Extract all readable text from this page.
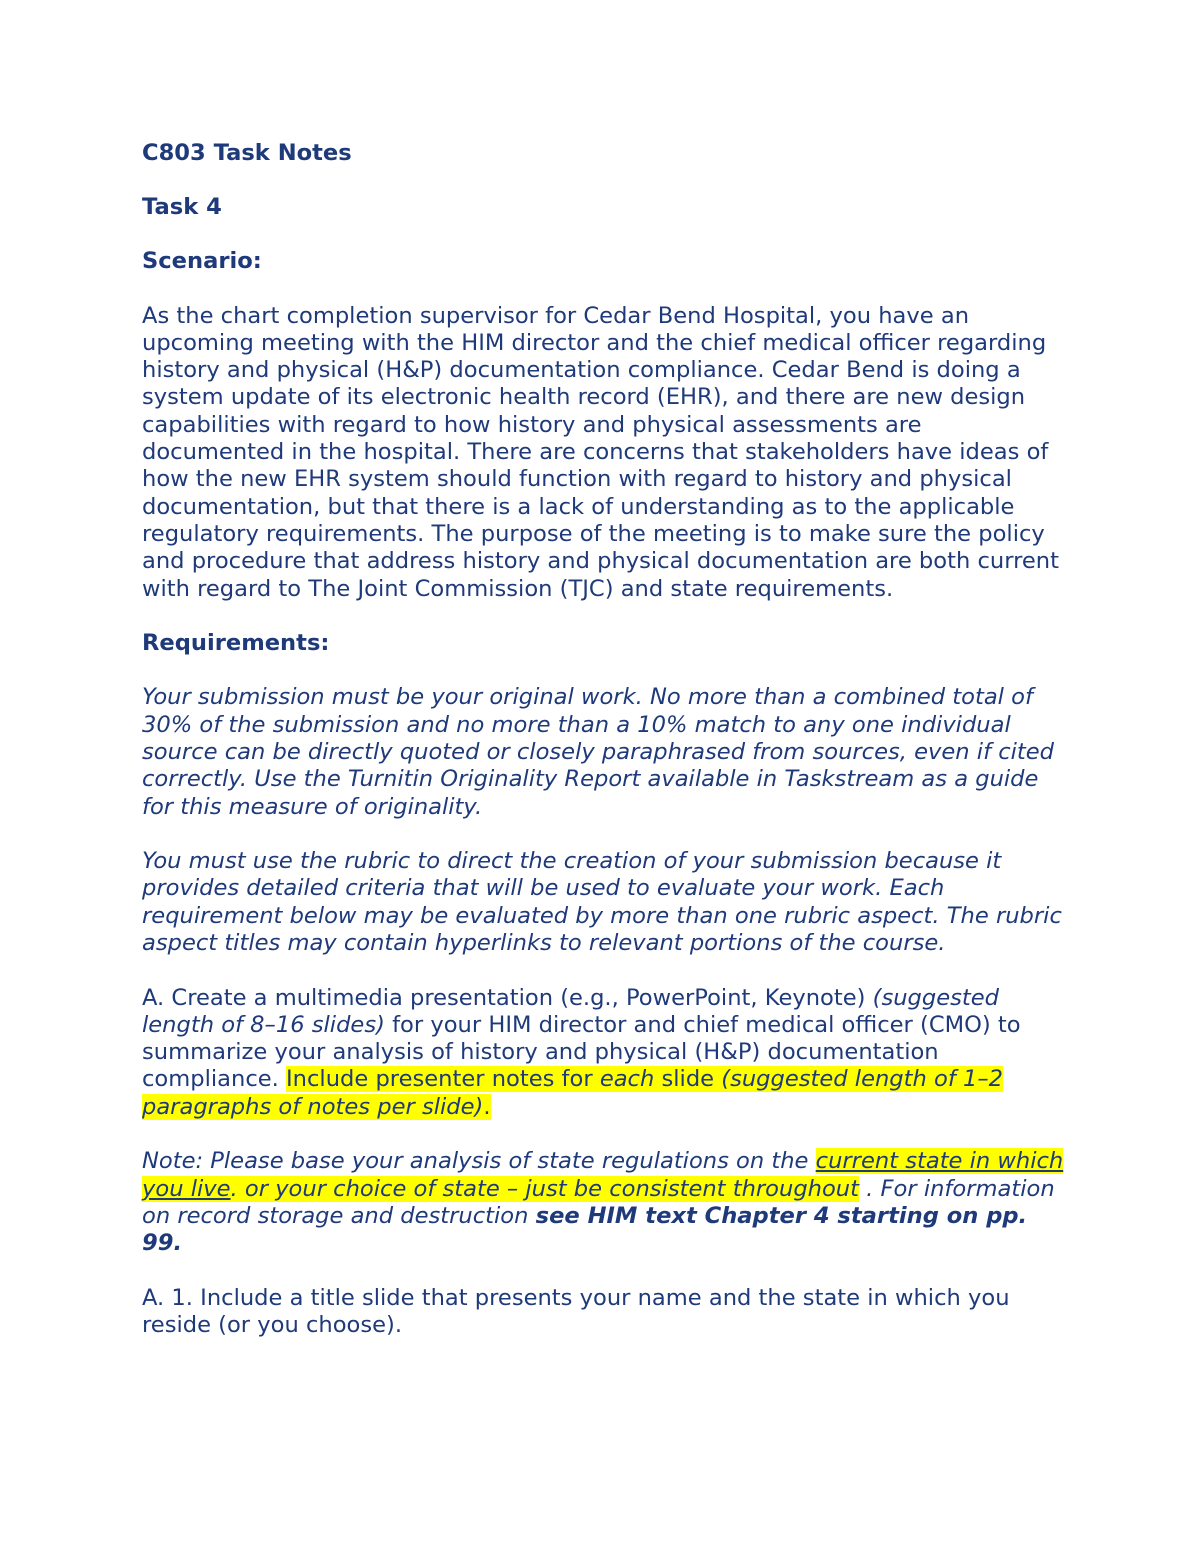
C803 Task Notes
Task 4
Scenario:
As the chart completion supervisor for Cedar Bend Hospital, you have an upcoming meeting with the HIM director and the chief medical officer regarding history and physical (H&P) documentation compliance. Cedar Bend is doing a system update of its electronic health record (EHR), and there are new design capabilities with regard to how history and physical assessments are documented in the hospital. There are concerns that stakeholders have ideas of how the new EHR system should function with regard to history and physical documentation, but that there is a lack of understanding as to the applicable regulatory requirements. The purpose of the meeting is to make sure the policy and procedure that address history and physical documentation are both current with regard to The Joint Commission (TJC) and state requirements.
Requirements:
Your submission must be your original work. No more than a combined total of 30% of the submission and no more than a 10% match to any one individual source can be directly quoted or closely paraphrased from sources, even if cited correctly. Use the Turnitin Originality Report available in Taskstream as a guide for this measure of originality.
You must use the rubric to direct the creation of your submission because it provides detailed criteria that will be used to evaluate your work. Each requirement below may be evaluated by more than one rubric aspect. The rubric aspect titles may contain hyperlinks to relevant portions of the course.
A. Create a multimedia presentation (e.g., PowerPoint, Keynote) (suggested length of 8–16 slides) for your HIM director and chief medical officer (CMO) to summarize your analysis of history and physical (H&P) documentation compliance. Include presenter notes for each slide (suggested length of 1–2 paragraphs of notes per slide).
Note: Please base your analysis of state regulations on the current state in which you live. or your choice of state – just be consistent throughout . For information on record storage and destruction see HIM text Chapter 4 starting on pp. 99.
A. 1. Include a title slide that presents your name and the state in which you reside (or you choose).
